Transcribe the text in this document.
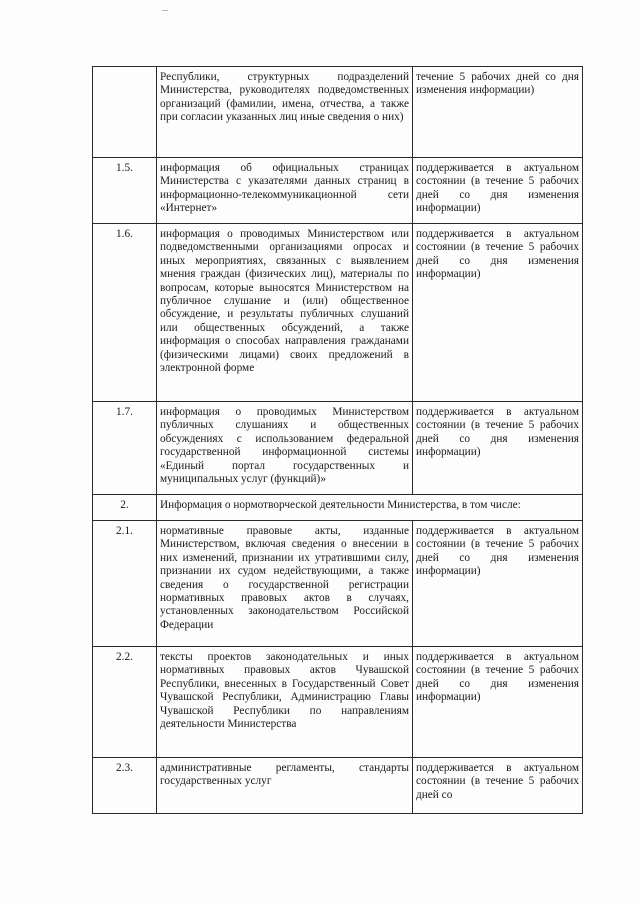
	Республики, структурных подразделений Министерства, руководителях подведомственных организаций (фамилии, имена, отчества, а также при согласии указанных лиц иные сведения о них)	течение 5 рабочих дней со дня изменения информации)
1.5.	информация об официальных страницах Министерства с указателями данных страниц в информационно-телекоммуникационной сети «Интернет»	поддерживается в актуальном состоянии (в течение 5 рабочих дней со дня изменения информации)
1.6.	информация о проводимых Министерством или подведомственными организациями опросах и иных мероприятиях, связанных с выявлением мнения граждан (физических лиц), материалы по вопросам, которые выносятся Министерством на публичное слушание и (или) общественное обсуждение, и результаты публичных слушаний или общественных обсуждений, а также информация о способах направления гражданами (физическими лицами) своих предложений в электронной форме	поддерживается в актуальном состоянии (в течение 5 рабочих дней со дня изменения информации)
1.7.	информация о проводимых Министерством публичных слушаниях и общественных обсуждениях с использованием федеральной государственной информационной системы «Единый портал государственных и муниципальных услуг (функций)»	поддерживается в актуальном состоянии (в течение 5 рабочих дней со дня изменения информации)
2.	Информация о нормотворческой деятельности Министерства, в том числе:	
2.1.	нормативные правовые акты, изданные Министерством, включая сведения о внесении в них изменений, признании их утратившими силу, признании их судом недействующими, а также сведения о государственной регистрации нормативных правовых актов в случаях, установленных законодательством Российской Федерации	поддерживается в актуальном состоянии (в течение 5 рабочих дней со дня изменения информации)
2.2.	тексты проектов законодательных и иных нормативных правовых актов Чувашской Республики, внесенных в Государственный Совет Чувашской Республики, Администрацию Главы Чувашской Республики по направлениям деятельности Министерства	поддерживается в актуальном состоянии (в течение 5 рабочих дней со дня изменения информации)
2.3.	административные регламенты, стандарты государственных услуг	поддерживается в актуальном состоянии (в течение 5 рабочих дней со
